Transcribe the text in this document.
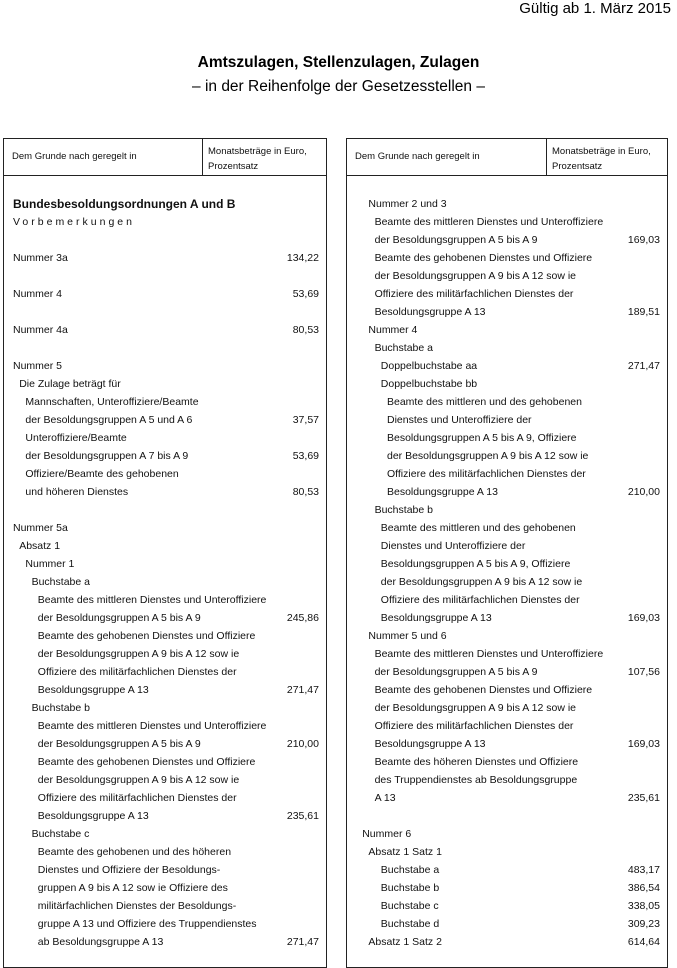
Gültig ab 1. März 2015
Amtszulagen, Stellenzulagen, Zulagen
– in der Reihenfolge der Gesetzesstellen –
Dem Grunde nach geregelt in	Monatsbeträge in Euro,
Prozentsatz
Bundesbesoldungsordnungen A und B
Vorbemerkungen
Nummer 3a	134,22
Nummer 4	53,69
Nummer 4a	80,53
Nummer 5
Die Zulage beträgt für
Mannschaften, Unteroffiziere/Beamte
der Besoldungsgruppen A 5 und A 6	37,57
Unteroffiziere/Beamte
der Besoldungsgruppen A 7 bis A 9	53,69
Offiziere/Beamte des gehobenen
und höheren Dienstes	80,53
Nummer 5a
Absatz 1
Nummer 1
Buchstabe a
Beamte des mittleren Dienstes und Unteroffiziere
der Besoldungsgruppen A 5 bis A 9	245,86
Beamte des gehobenen Dienstes und Offiziere
der Besoldungsgruppen A 9 bis A 12 sow ie
Offiziere des militärfachlichen Dienstes der
Besoldungsgruppe A 13	271,47
Buchstabe b
Beamte des mittleren Dienstes und Unteroffiziere
der Besoldungsgruppen A 5 bis A 9	210,00
Beamte des gehobenen Dienstes und Offiziere
der Besoldungsgruppen A 9 bis A 12 sow ie
Offiziere des militärfachlichen Dienstes der
Besoldungsgruppe A 13	235,61
Buchstabe c
Beamte des gehobenen und des höheren
Dienstes und Offiziere der Besoldungs-
gruppen A 9 bis A 12 sow ie Offiziere des
militärfachlichen Dienstes der Besoldungs-
gruppe A 13 und Offiziere des Truppendienstes
ab Besoldungsgruppe A 13	271,47
Dem Grunde nach geregelt in	Monatsbeträge in Euro,
Prozentsatz
Nummer 2 und 3
Beamte des mittleren Dienstes und Unteroffiziere
der Besoldungsgruppen A 5 bis A 9	169,03
Beamte des gehobenen Dienstes und Offiziere
der Besoldungsgruppen A 9 bis A 12 sow ie
Offiziere des militärfachlichen Dienstes der
Besoldungsgruppe A 13	189,51
Nummer 4
Buchstabe a
Doppelbuchstabe aa	271,47
Doppelbuchstabe bb
Beamte des mittleren und des gehobenen
Dienstes und Unteroffiziere der
Besoldungsgruppen A 5 bis A 9, Offiziere
der Besoldungsgruppen A 9 bis A 12 sow ie
Offiziere des militärfachlichen Dienstes der
Besoldungsgruppe A 13	210,00
Buchstabe b
Beamte des mittleren und des gehobenen
Dienstes und Unteroffiziere der
Besoldungsgruppen A 5 bis A 9, Offiziere
der Besoldungsgruppen A 9 bis A 12 sow ie
Offiziere des militärfachlichen Dienstes der
Besoldungsgruppe A 13	169,03
Nummer 5 und 6
Beamte des mittleren Dienstes und Unteroffiziere
der Besoldungsgruppen A 5 bis A 9	107,56
Beamte des gehobenen Dienstes und Offiziere
der Besoldungsgruppen A 9 bis A 12 sow ie
Offiziere des militärfachlichen Dienstes der
Besoldungsgruppe A 13	169,03
Beamte des höheren Dienstes und Offiziere
des Truppendienstes ab Besoldungsgruppe
A 13	235,61
Nummer 6
Absatz 1 Satz 1
Buchstabe a	483,17
Buchstabe b	386,54
Buchstabe c	338,05
Buchstabe d	309,23
Absatz 1 Satz 2	614,64
